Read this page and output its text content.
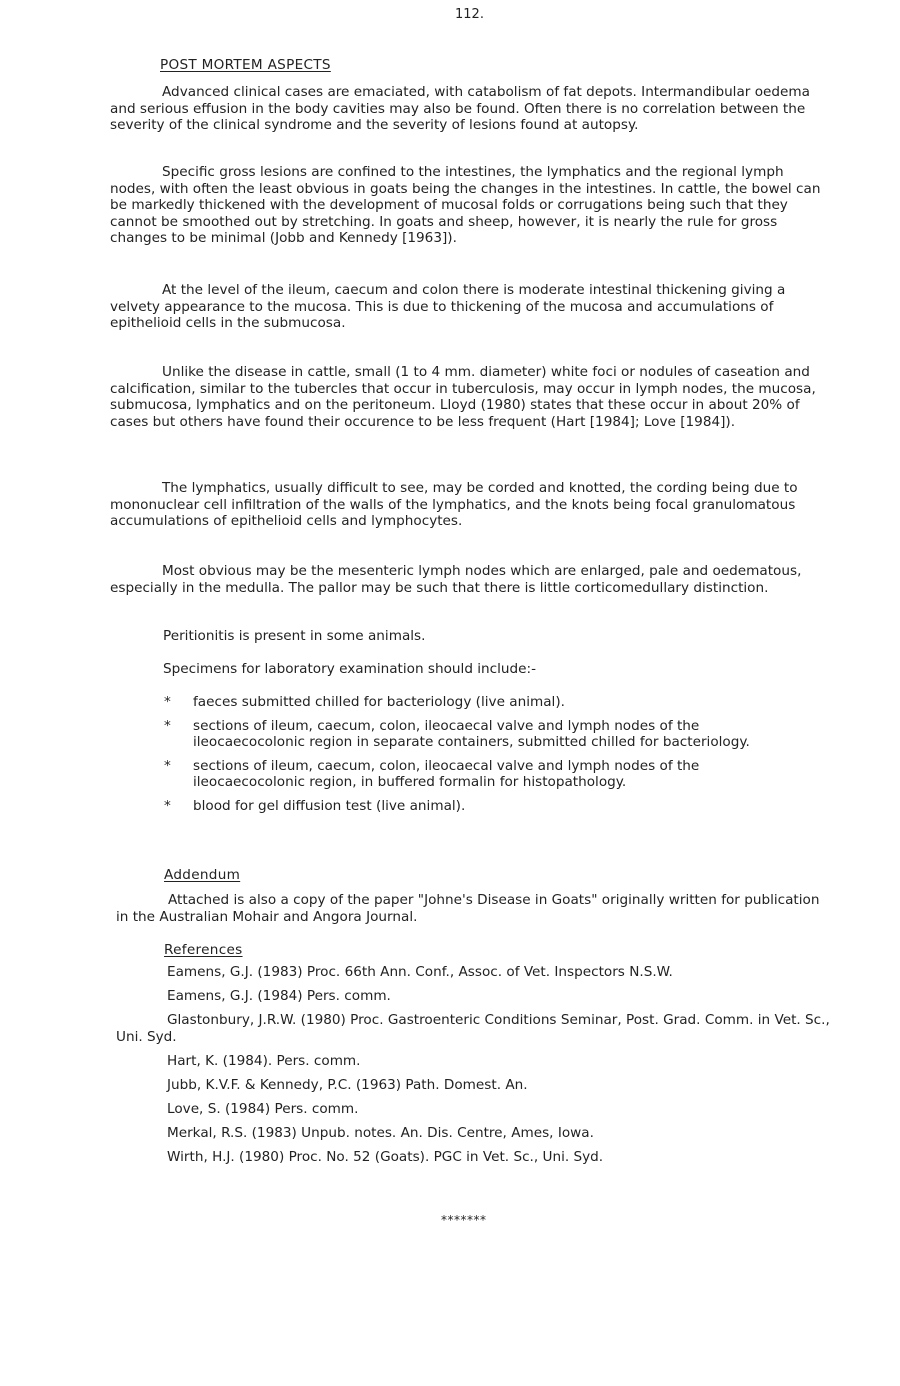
112.
POST MORTEM ASPECTS

Advanced clinical cases are emaciated, with catabolism of fat depots. Intermandibular oedema and serious effusion in the body cavities may also be found. Often there is no correlation between the severity of the clinical syndrome and the severity of lesions found at autopsy.

Specific gross lesions are confined to the intestines, the lymphatics and the regional lymph nodes, with often the least obvious in goats being the changes in the intestines. In cattle, the bowel can be markedly thickened with the development of mucosal folds or corrugations being such that they cannot be smoothed out by stretching. In goats and sheep, however, it is nearly the rule for gross changes to be minimal (Jobb and Kennedy [1963]).

At the level of the ileum, caecum and colon there is moderate intestinal thickening giving a velvety appearance to the mucosa. This is due to thickening of the mucosa and accumulations of epithelioid cells in the submucosa.

Unlike the disease in cattle, small (1 to 4 mm. diameter) white foci or nodules of caseation and calcification, similar to the tubercles that occur in tuberculosis, may occur in lymph nodes, the mucosa, submucosa, lymphatics and on the peritoneum. Lloyd (1980) states that these occur in about 20% of cases but others have found their occurence to be less frequent (Hart [1984]; Love [1984]).

The lymphatics, usually difficult to see, may be corded and knotted, the cording being due to mononuclear cell infiltration of the walls of the lymphatics, and the knots being focal granulomatous accumulations of epithelioid cells and lymphocytes.

Most obvious may be the mesenteric lymph nodes which are enlarged, pale and oedematous, especially in the medulla. The pallor may be such that there is little corticomedullary distinction.

Peritionitis is present in some animals.

Specimens for laboratory examination should include:-

* faeces submitted chilled for bacteriology (live animal).
* sections of ileum, caecum, colon, ileocaecal valve and lymph nodes of the ileocaecocolonic region in separate containers, submitted chilled for bacteriology.
* sections of ileum, caecum, colon, ileocaecal valve and lymph nodes of the ileocaecocolonic region, in buffered formalin for histopathology.
* blood for gel diffusion test (live animal).
Addendum

Attached is also a copy of the paper "Johne's Disease in Goats" originally written for publication in the Australian Mohair and Angora Journal.

References
Eamens, G.J. (1983) Proc. 66th Ann. Conf., Assoc. of Vet. Inspectors N.S.W.
Eamens, G.J. (1984) Pers. comm.
Glastonbury, J.R.W. (1980) Proc. Gastroenteric Conditions Seminar, Post. Grad. Comm. in Vet. Sc., Uni. Syd.
Hart, K. (1984). Pers. comm.
Jubb, K.V.F. & Kennedy, P.C. (1963) Path. Domest. An.
Love, S. (1984) Pers. comm.
Merkal, R.S. (1983) Unpub. notes. An. Dis. Centre, Ames, Iowa.
Wirth, H.J. (1980) Proc. No. 52 (Goats). PGC in Vet. Sc., Uni. Syd.
*******
